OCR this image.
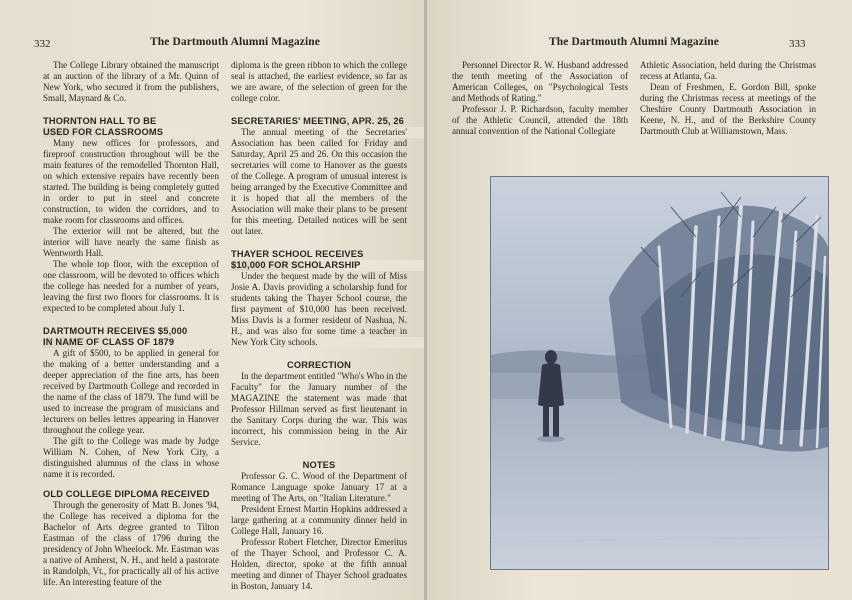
332	The Dartmouth Alumni Magazine

The College Library obtained the manuscript at an auction of the library of a Mr. Quinn of New York, who secured it from the publishers, Small, Maynard & Co.

THORNTON HALL TO BE
USED FOR CLASSROOMS

Many new offices for professors, and fireproof construction throughout will be the main features of the remodelled Thornton Hall, on which extensive repairs have recently been started. The building is being completely gutted in order to put in steel and concrete construction, to widen the corridors, and to make room for classrooms and offices.

The exterior will not be altered, but the interior will have nearly the same finish as Wentworth Hall.

The whole top floor, with the exception of one classroom, will be devoted to offices which the college has needed for a number of years, leaving the first two floors for classrooms. It is expected to be completed about July 1.

DARTMOUTH RECEIVES $5,000
IN NAME OF CLASS OF 1879

A gift of $500, to be applied in general for the making of a better understanding and a deeper appreciation of the fine arts, has been received by Dartmouth College and recorded in the name of the class of 1879. The fund will be used to increase the program of musicians and lecturers on belles lettres appearing in Hanover throughout the college year.

The gift to the College was made by Judge William N. Cohen, of New York City, a distinguished alumnus of the class in whose name it is recorded.

OLD COLLEGE DIPLOMA RECEIVED

Through the generosity of Matt B. Jones '94, the College has received a diploma for the Bachelor of Arts degree granted to Tilton Eastman of the class of 1796 during the presidency of John Wheelock. Mr. Eastman was a native of Amherst, N. H., and held a pastorate in Randolph, Vt., for practically all of his active life. An interesting feature of the

diploma is the green ribbon to which the college seal is attached, the earliest evidence, so far as we are aware, of the selection of green for the college color.

SECRETARIES' MEETING, APR. 25, 26

The annual meeting of the Secretaries' Association has been called for Friday and Saturday, April 25 and 26. On this occasion the secretaries will come to Hanover as the guests of the College. A program of unusual interest is being arranged by the Executive Committee and it is hoped that all the members of the Association will make their plans to be present for this meeting. Detailed notices will be sent out later.

THAYER SCHOOL RECEIVES
$10,000 FOR SCHOLARSHIP

Under the bequest made by the will of Miss Josie A. Davis providing a scholarship fund for students taking the Thayer School course, the first payment of $10,000 has been received. Miss Davis is a former resident of Nashua, N. H., and was also for some time a teacher in New York City schools.

CORRECTION

In the department entitled "Who's Who in the Faculty" for the January number of the MAGAZINE the statement was made that Professor Hillman served as first lieutenant in the Sanitary Corps during the war. This was incorrect, his commission being in the Air Service.

NOTES

Professor G. C. Wood of the Department of Romance Language spoke January 17 at a meeting of The Arts, on "Italian Literature."

President Ernest Martin Hopkins addressed a large gathering at a community dinner held in College Hall, January 16.

Professor Robert Fletcher, Director Emeritus of the Thayer School, and Professor C. A. Holden, director, spoke at the fifth annual meeting and dinner of Thayer School graduates in Boston, January 14.

The Dartmouth Alumni Magazine	333

Personnel Director R. W. Husband addressed the tenth meeting of the Association of American Colleges, on "Psychological Tests and Methods of Rating."

Professor J. P. Richardson, faculty member of the Athletic Council, attended the 18th annual convention of the National Collegiate

Athletic Association, held during the Christmas recess at Atlanta, Ga.

Dean of Freshmen, E. Gordon Bill, spoke during the Christmas recess at meetings of the Cheshire County Dartmouth Association in Keene, N. H., and of the Berkshire County Dartmouth Club at Williamstown, Mass.
